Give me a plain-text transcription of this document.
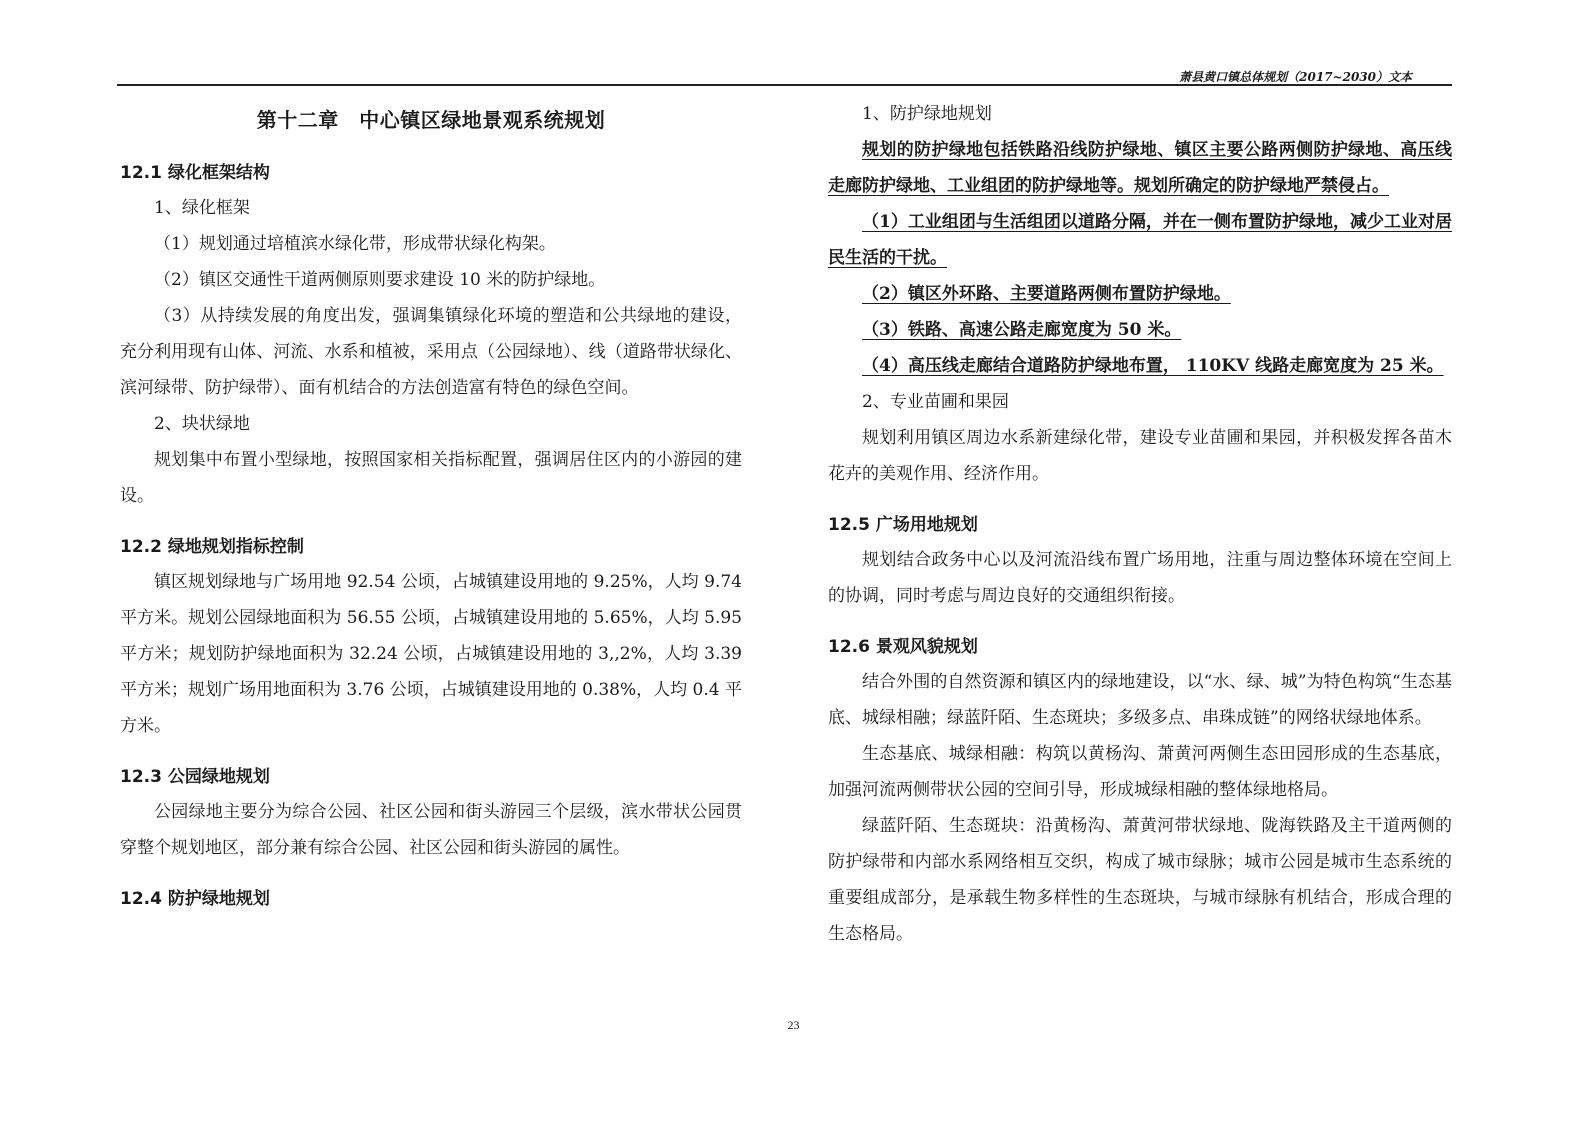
萧县黄口镇总体规划（2017~2030）文本
第十二章　中心镇区绿地景观系统规划
12.1 绿化框架结构

1、绿化框架

（1）规划通过培植滨水绿化带，形成带状绿化构架。

（2）镇区交通性干道两侧原则要求建设 10 米的防护绿地。

（3）从持续发展的角度出发，强调集镇绿化环境的塑造和公共绿地的建设，充分利用现有山体、河流、水系和植被，采用点（公园绿地）、线（道路带状绿化、滨河绿带、防护绿带）、面有机结合的方法创造富有特色的绿色空间。

2、块状绿地

规划集中布置小型绿地，按照国家相关指标配置，强调居住区内的小游园的建设。

12.2 绿地规划指标控制

镇区规划绿地与广场用地 92.54 公顷，占城镇建设用地的 9.25%，人均 9.74 平方米。规划公园绿地面积为 56.55 公顷，占城镇建设用地的 5.65%，人均 5.95 平方米；规划防护绿地面积为 32.24 公顷，占城镇建设用地的 3,,2%，人均 3.39 平方米；规划广场用地面积为 3.76 公顷，占城镇建设用地的 0.38%，人均 0.4 平方米。

12.3 公园绿地规划

公园绿地主要分为综合公园、社区公园和街头游园三个层级，滨水带状公园贯穿整个规划地区，部分兼有综合公园、社区公园和街头游园的属性。

12.4 防护绿地规划

1、防护绿地规划

规划的防护绿地包括铁路沿线防护绿地、镇区主要公路两侧防护绿地、高压线走廊防护绿地、工业组团的防护绿地等。规划所确定的防护绿地严禁侵占。

（1）工业组团与生活组团以道路分隔，并在一侧布置防护绿地，减少工业对居民生活的干扰。

（2）镇区外环路、主要道路两侧布置防护绿地。

（3）铁路、高速公路走廊宽度为 50 米。

（4）高压线走廊结合道路防护绿地布置， 110KV 线路走廊宽度为 25 米。

2、专业苗圃和果园

规划利用镇区周边水系新建绿化带，建设专业苗圃和果园，并积极发挥各苗木花卉的美观作用、经济作用。

12.5 广场用地规划

规划结合政务中心以及河流沿线布置广场用地，注重与周边整体环境在空间上的协调，同时考虑与周边良好的交通组织衔接。

12.6 景观风貌规划

结合外围的自然资源和镇区内的绿地建设，以“水、绿、城”为特色构筑“生态基底、城绿相融；绿蓝阡陌、生态斑块；多级多点、串珠成链”的网络状绿地体系。

生态基底、城绿相融：构筑以黄杨沟、萧黄河两侧生态田园形成的生态基底，加强河流两侧带状公园的空间引导，形成城绿相融的整体绿地格局。

绿蓝阡陌、生态斑块：沿黄杨沟、萧黄河带状绿地、陇海铁路及主干道两侧的防护绿带和内部水系网络相互交织，构成了城市绿脉；城市公园是城市生态系统的重要组成部分，是承载生物多样性的生态斑块，与城市绿脉有机结合，形成合理的生态格局。

23
